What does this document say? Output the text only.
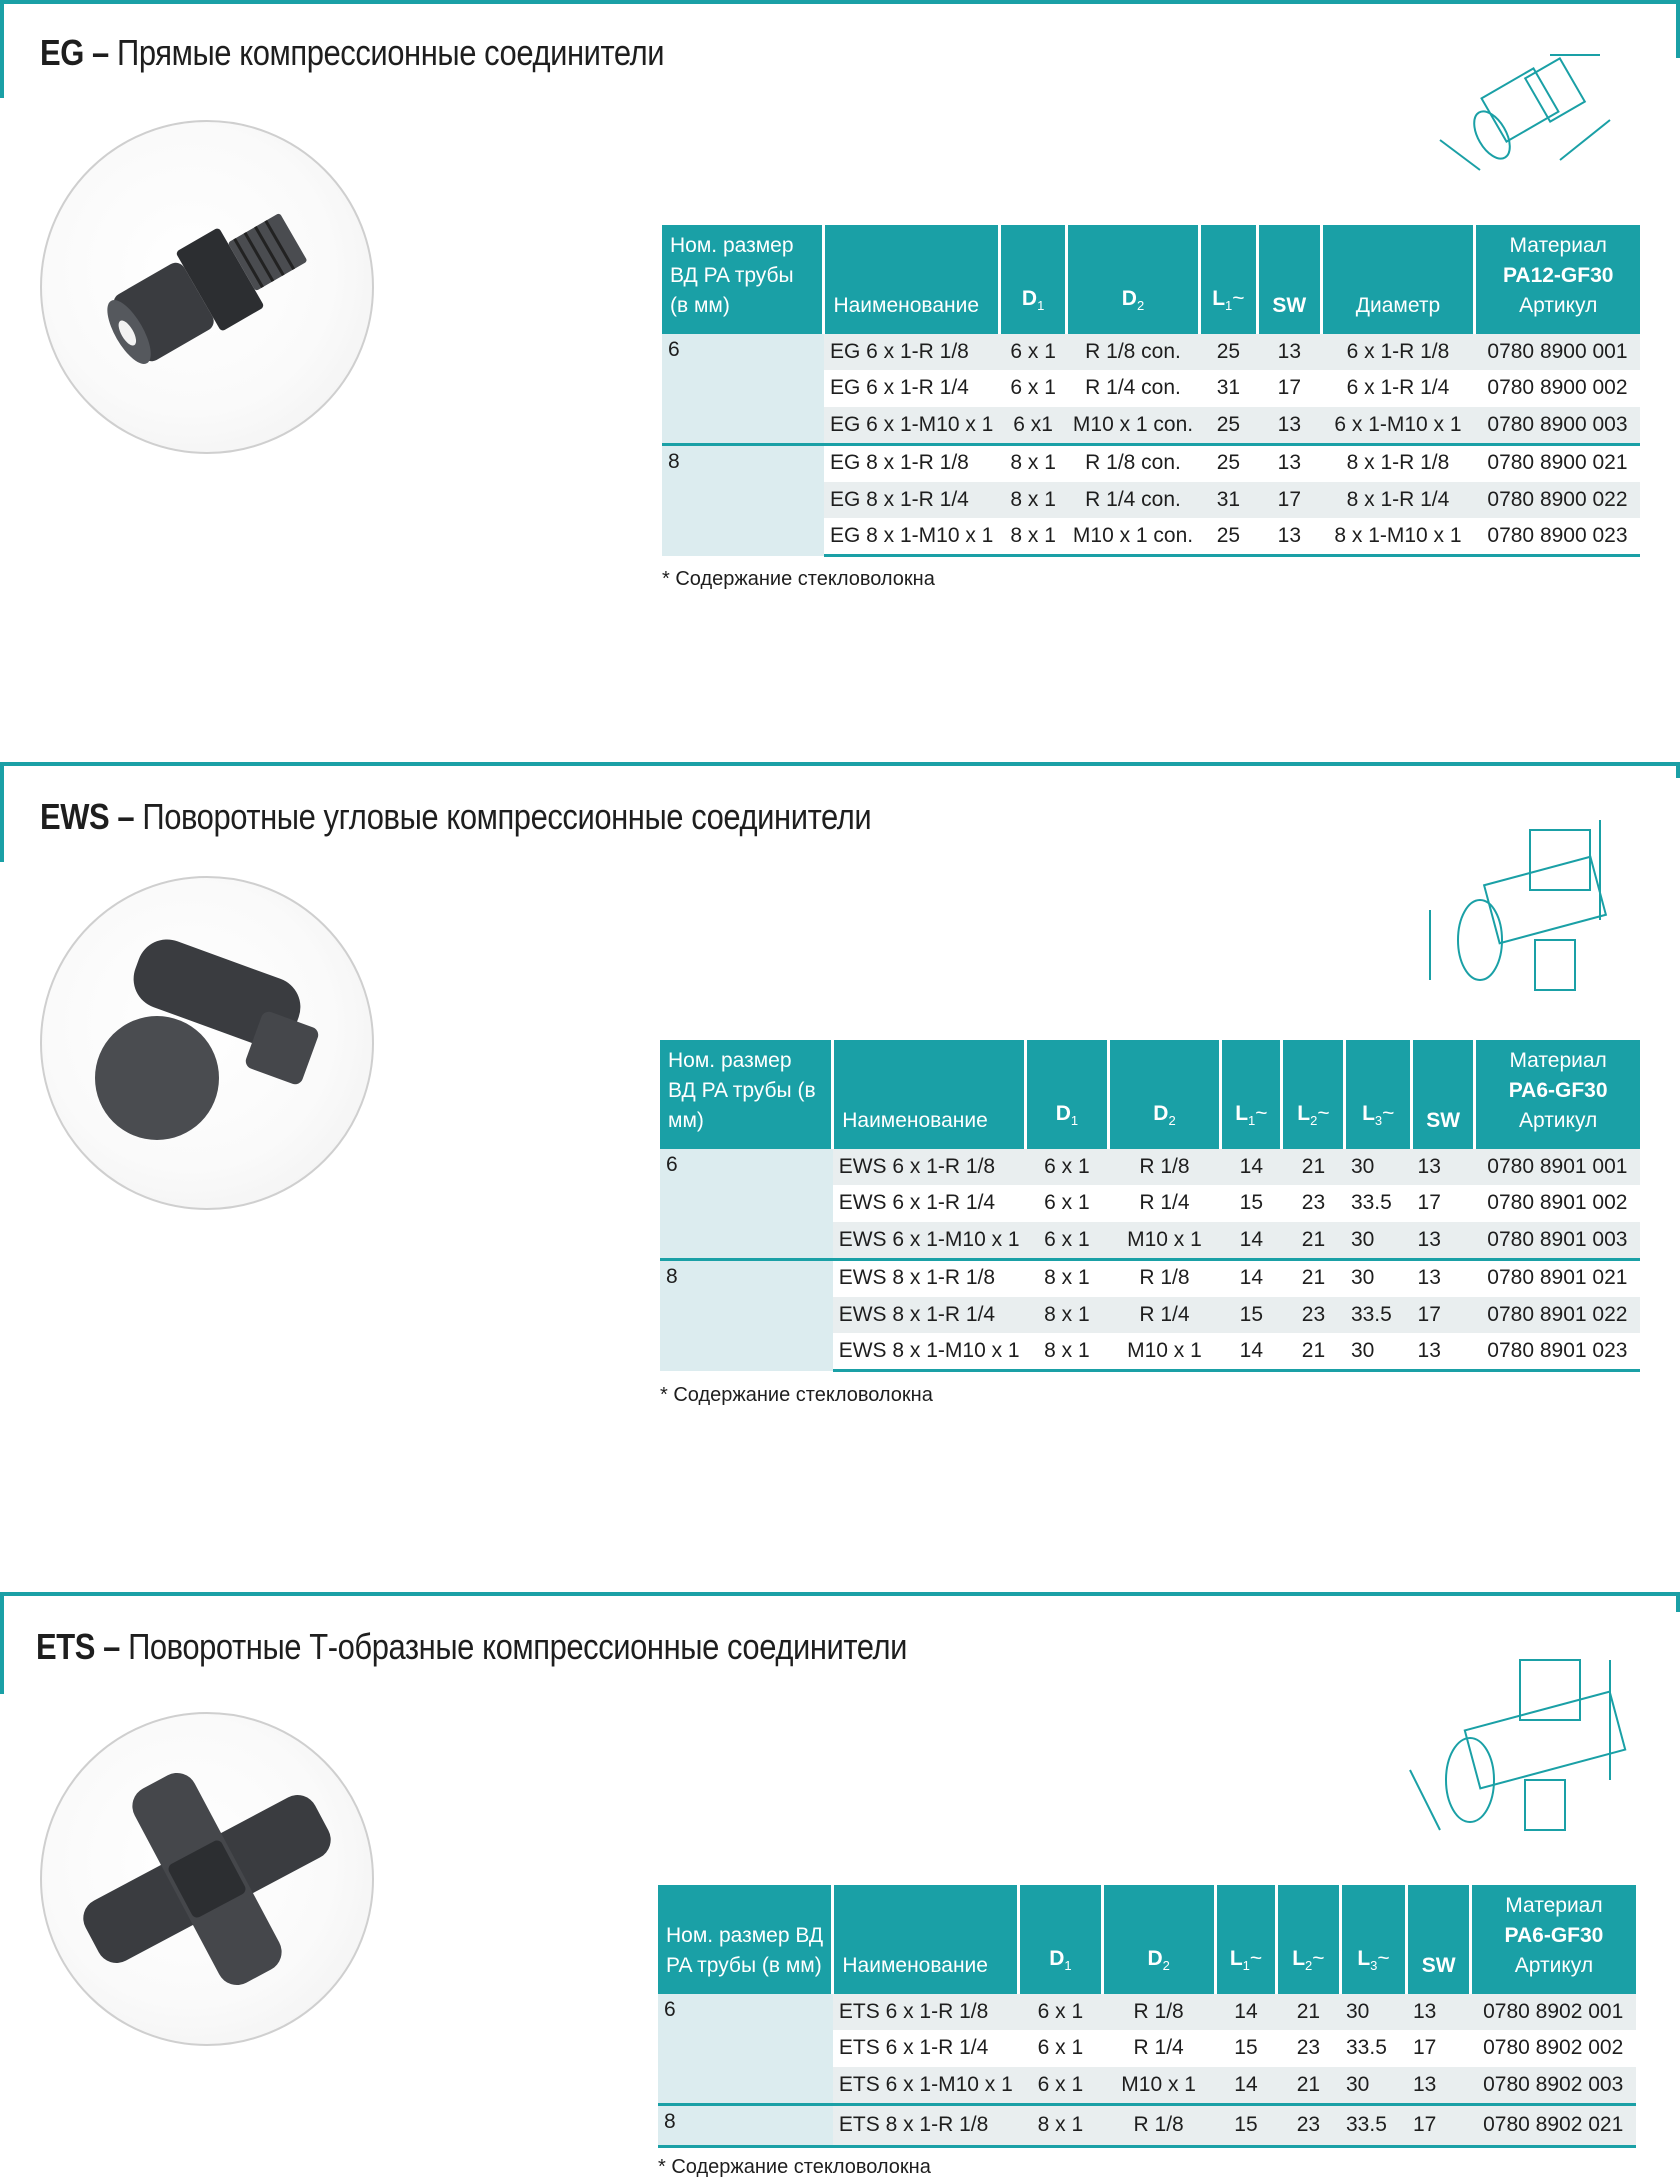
EG – Прямые компрессионные соединители
Ном. размер ВД PA трубы (в мм)	Наименование	$D_1$	$D_2$	$L_1\sim$	SW	Диаметр	Материал
PA12-GF30
Артикул
6	EG 6 x 1-R 1/8	6 x 1	R 1/8 con.	25	13	6 x 1-R 1/8	0780 8900 001
	EG 6 x 1-R 1/4	6 x 1	R 1/4 con.	31	17	6 x 1-R 1/4	0780 8900 002
	EG 6 x 1-M10 x 1	6 x1	M10 x 1 con.	25	13	6 x 1-M10 x 1	0780 8900 003
8	EG 8 x 1-R 1/8	8 x 1	R 1/8 con.	25	13	8 x 1-R 1/8	0780 8900 021
	EG 8 x 1-R 1/4	8 x 1	R 1/4 con.	31	17	8 x 1-R 1/4	0780 8900 022
	EG 8 x 1-M10 x 1	8 x 1	M10 x 1 con.	25	13	8 x 1-M10 x 1	0780 8900 023
* Содержание стекловолокна
EWS – Поворотные угловые компрессионные соединители
Ном. размер ВД PA трубы (в мм)	Наименование	$D_1$	$D_2$	$L_1\sim$	$L_2\sim$	$L_3\sim$	SW	Материал
PA6-GF30
Артикул
6	EWS 6 x 1-R 1/8	6 x 1	R 1/8	14	21	30	13	0780 8901 001
	EWS 6 x 1-R 1/4	6 x 1	R 1/4	15	23	33.5	17	0780 8901 002
	EWS 6 x 1-M10 x 1	6 x 1	M10 x 1	14	21	30	13	0780 8901 003
8	EWS 8 x 1-R 1/8	8 x 1	R 1/8	14	21	30	13	0780 8901 021
	EWS 8 x 1-R 1/4	8 x 1	R 1/4	15	23	33.5	17	0780 8901 022
	EWS 8 x 1-M10 x 1	8 x 1	M10 x 1	14	21	30	13	0780 8901 023
* Содержание стекловолокна
ETS – Поворотные Т-образные компрессионные соединители
Ном. размер ВД PA трубы (в мм)	Наименование	$D_1$	$D_2$	$L_1\sim$	$L_2\sim$	$L_3\sim$	SW	Материал
PA6-GF30
Артикул
6	ETS 6 x 1-R 1/8	6 x 1	R 1/8	14	21	30	13	0780 8902 001
	ETS 6 x 1-R 1/4	6 x 1	R 1/4	15	23	33.5	17	0780 8902 002
	ETS 6 x 1-M10 x 1	6 x 1	M10 x 1	14	21	30	13	0780 8902 003
8	ETS 8 x 1-R 1/8	8 x 1	R 1/8	15	23	33.5	17	0780 8902 021
* Содержание стекловолокна
